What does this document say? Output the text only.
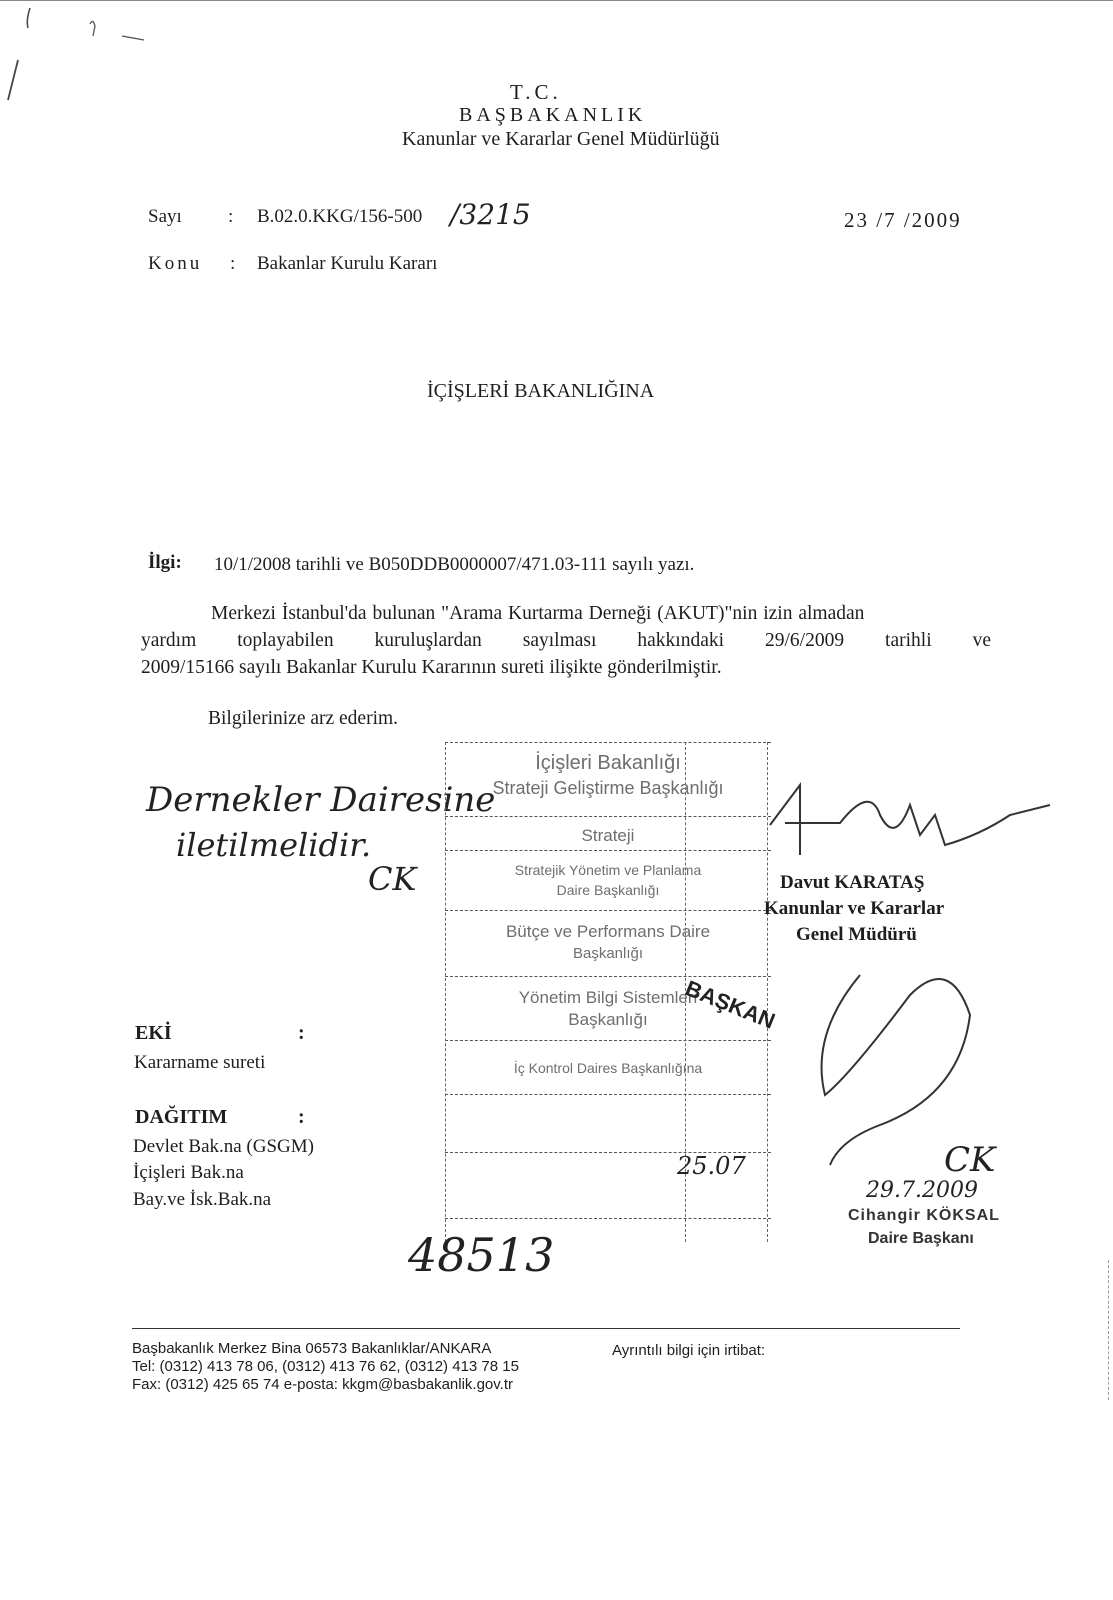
T.C.
BAŞBAKANLIK
Kanunlar ve Kararlar Genel Müdürlüğü
Sayı : B.02.0.KKG/156-500 /3215	23 /7 /2009
Konu : Bakanlar Kurulu Kararı
İÇİŞLERİ BAKANLIĞINA
İlgi: 10/1/2008 tarihli ve B050DDB0000007/471.03-111 sayılı yazı.
Merkezi İstanbul'da bulunan "Arama Kurtarma Derneği (AKUT)"nin izin almadan
yardım toplayabilen kuruluşlardan sayılması hakkındaki 29/6/2009 tarihli ve
2009/15166 sayılı Bakanlar Kurulu Kararının sureti ilişikte gönderilmiştir.
Bilgilerinize arz ederim.
Dernekler Dairesine
iletilmelidir.
CK
İçişleri Bakanlığı
Strateji Geliştirme Başkanlığı
Strateji
Stratejik Yönetim ve Planlama
Daire Başkanlığı
Bütçe ve Performans Daire
Başkanlığı
Yönetim Bilgi Sistemleri
Başkanlığı
İç Kontrol Daires Başkanlığına
BAŞKAN
25.07
Davut KARATAŞ
Kanunlar ve Kararlar
Genel Müdürü
48513
CK
29.7.2009
Cihangir KÖKSAL
Daire Başkanı
EKİ	:
Kararname sureti
DAĞITIM	:
Devlet Bak.na (GSGM)
İçişleri Bak.na
Bay.ve İsk.Bak.na
Başbakanlık Merkez Bina 06573 Bakanlıklar/ANKARA
Tel: (0312) 413 78 06, (0312) 413 76 62, (0312) 413 78 15
Fax: (0312) 425 65 74 e-posta: kkgm@basbakanlik.gov.tr
Ayrıntılı bilgi için irtibat:
